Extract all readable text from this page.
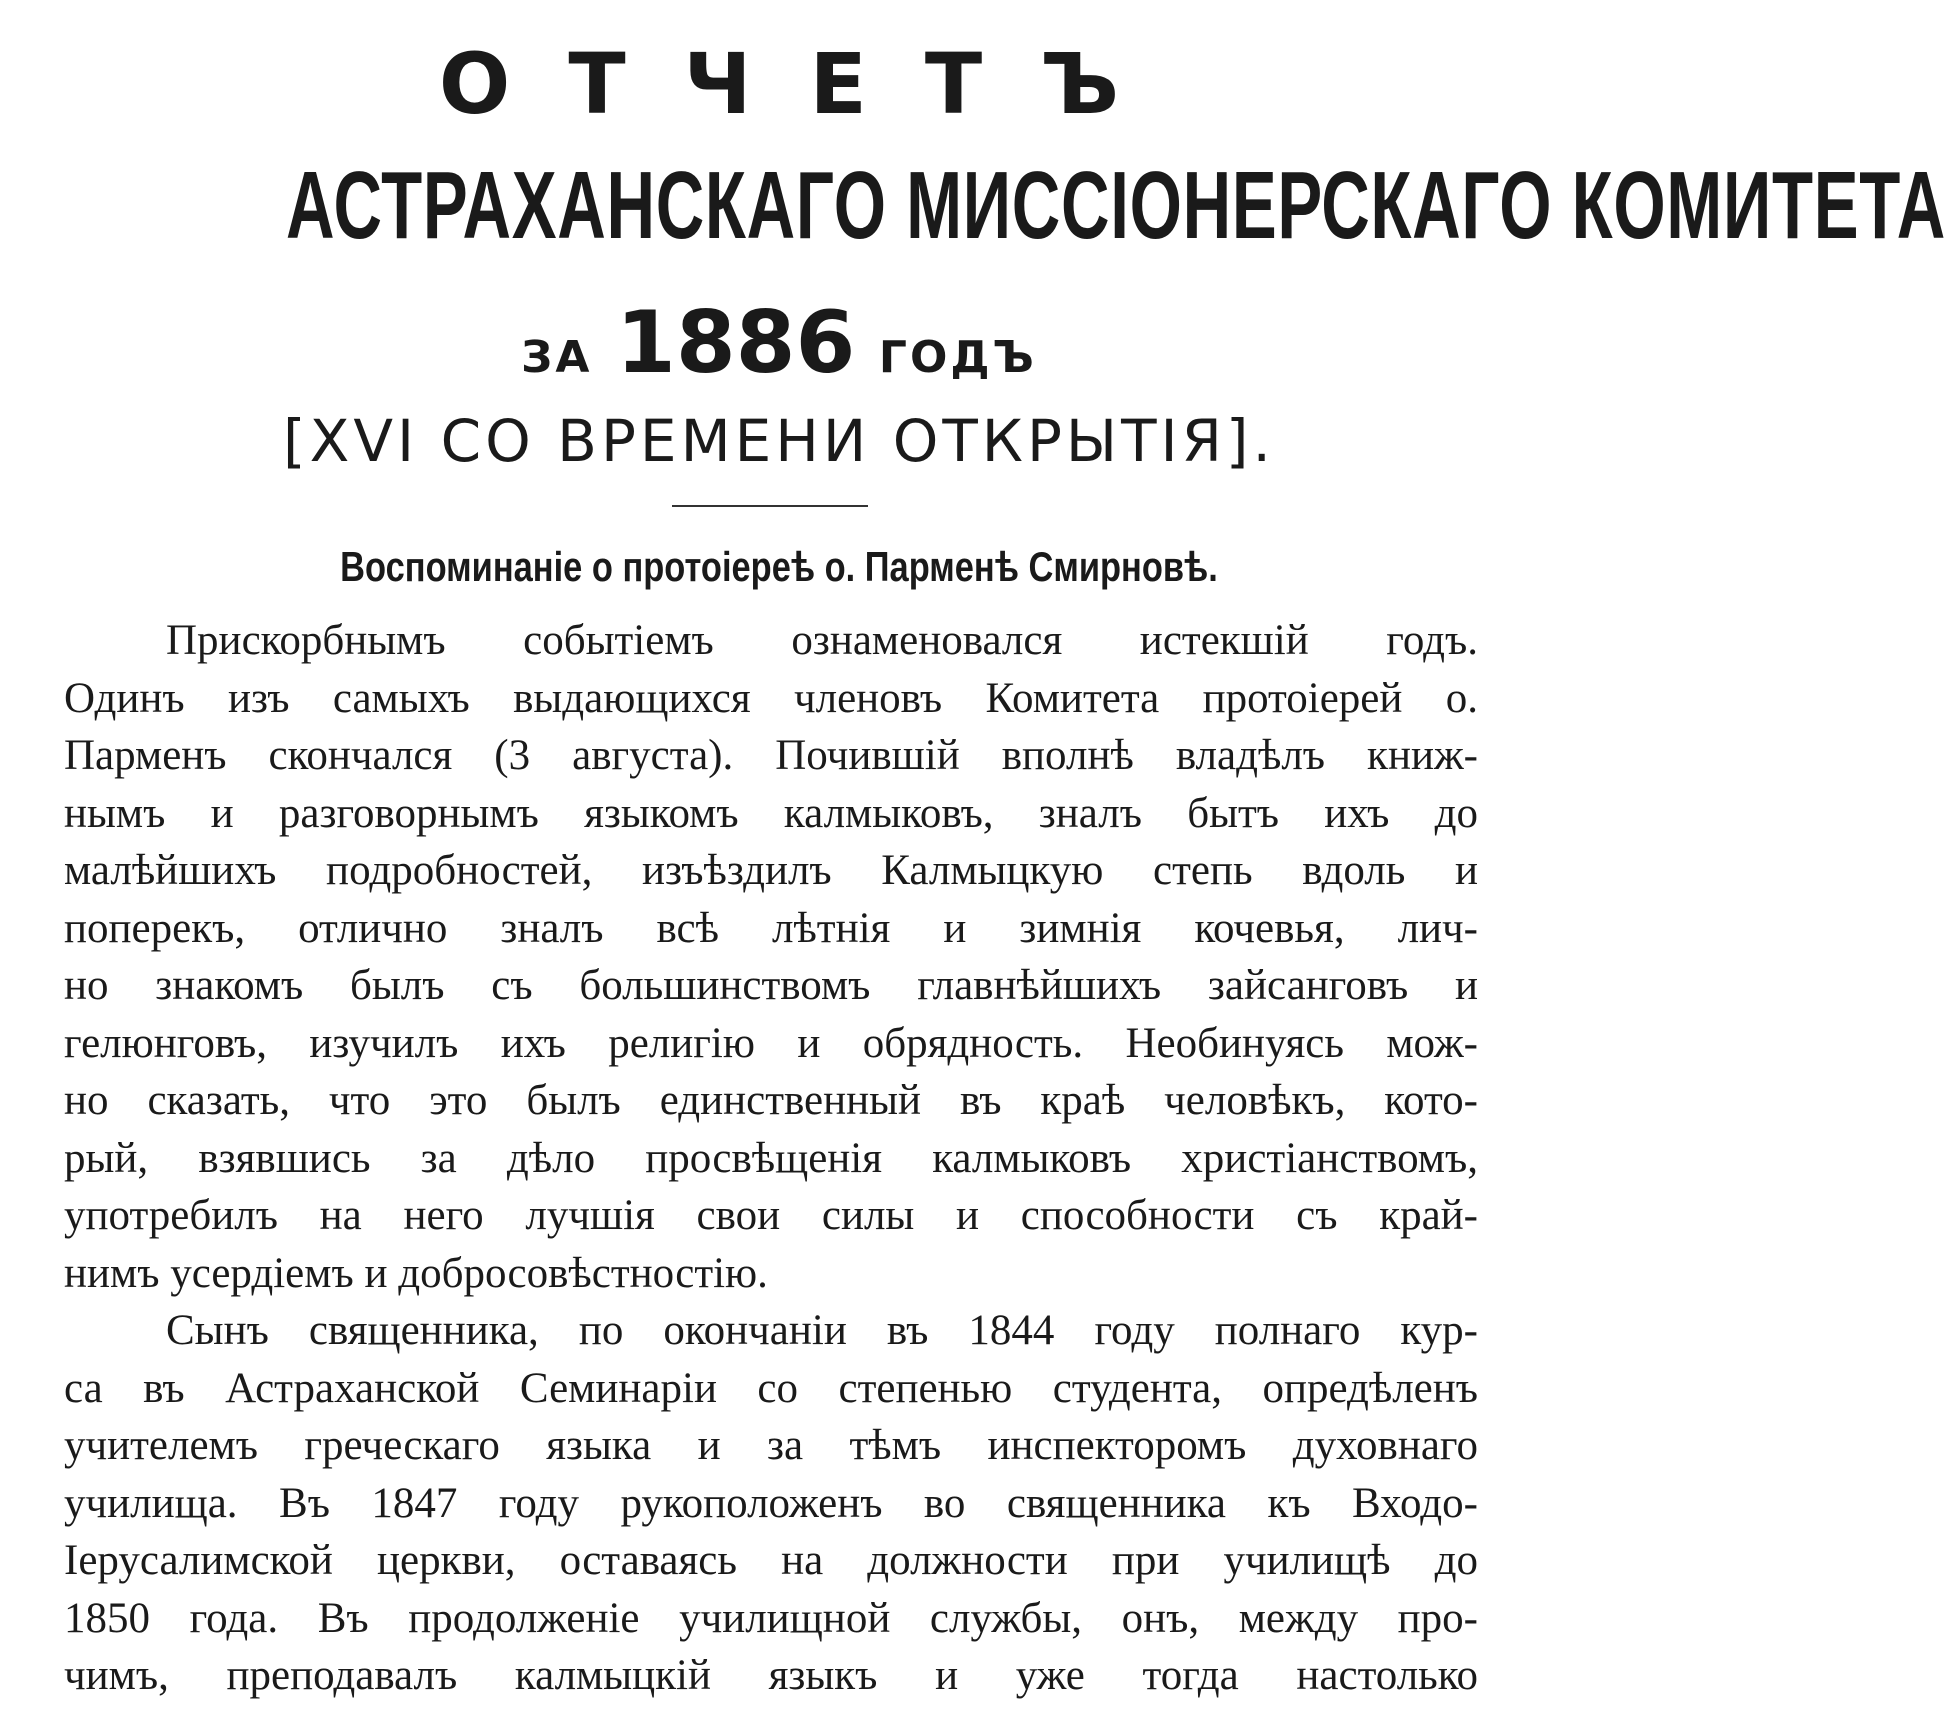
ОТЧЕТЪ
АСТРАХАНСКАГО МИССІОНЕРСКАГО КОМИТЕТА
ЗА 1886 ГОДЪ
[XVI СО ВРЕМЕНИ ОТКРЫТІЯ].
Воспоминаніе о протоіереѣ о. Парменѣ Смирновѣ.
Прискорбнымъ событіемъ ознаменовался истекшій годъ.
Одинъ изъ самыхъ выдающихся членовъ Комитета протоіерей о.
Парменъ скончался (3 августа). Почившій вполнѣ владѣлъ книж-
нымъ и разговорнымъ языкомъ калмыковъ, зналъ бытъ ихъ до
малѣйшихъ подробностей, изъѣздилъ Калмыцкую степь вдоль и
поперекъ, отлично зналъ всѣ лѣтнія и зимнія кочевья, лич-
но знакомъ былъ съ большинствомъ главнѣйшихъ зайсанговъ и
гелюнговъ, изучилъ ихъ религію и обрядность. Необинуясь мож-
но сказать, что это былъ единственный въ краѣ человѣкъ, кото-
рый, взявшись за дѣло просвѣщенія калмыковъ христіанствомъ,
употребилъ на него лучшія свои силы и способности съ край-
нимъ усердіемъ и добросовѣстностію.
Сынъ священника, по окончаніи въ 1844 году полнаго кур-
са въ Астраханской Семинаріи со степенью студента, опредѣленъ
учителемъ греческаго языка и за тѣмъ инспекторомъ духовнаго
училища. Въ 1847 году рукоположенъ во священника къ Входо-
Іерусалимской церкви, оставаясь на должности при училищѣ до
1850 года. Въ продолженіе училищной службы, онъ, между про-
чимъ, преподавалъ калмыцкій языкъ и уже тогда настолько
